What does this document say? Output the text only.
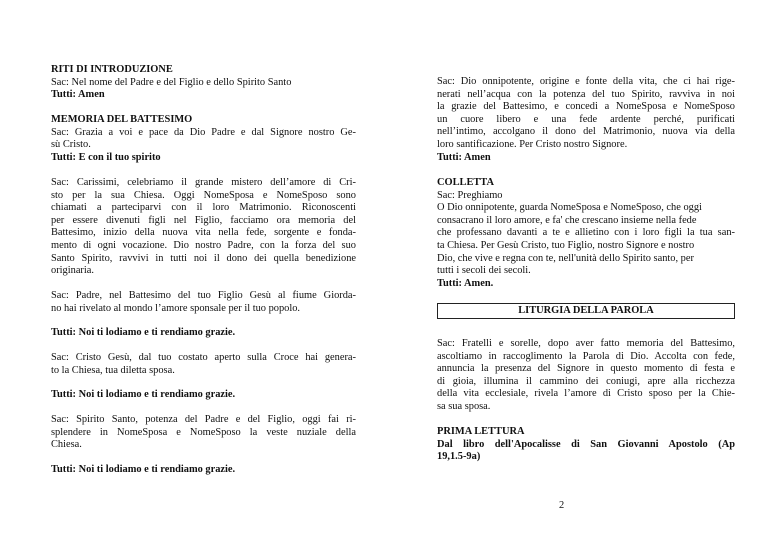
RITI DI INTRODUZIONE
Sac: Nel nome del Padre e del Figlio e dello Spirito Santo
Tutti: Amen
MEMORIA DEL BATTESIMO
Sac: Grazia a voi e pace da Dio Padre e dal Signore nostro Ge-
sù Cristo.
Tutti: E con il tuo spirito
Sac: Carissimi, celebriamo il grande mistero dell’amore di Cri-
sto per la sua Chiesa. Oggi NomeSposa e NomeSposo sono
chiamati a parteciparvi con il loro Matrimonio. Riconoscenti
per essere divenuti figli nel Figlio, facciamo ora memoria del
Battesimo, inizio della nuova vita nella fede, sorgente e fonda-
mento di ogni vocazione. Dio nostro Padre, con la forza del suo
Santo Spirito, ravvivi in tutti noi il dono dei quella benedizione
originaria.
Sac: Padre, nel Battesimo del tuo Figlio Gesù al fiume Giorda-
no hai rivelato al mondo l’amore sponsale per il tuo popolo.
Tutti: Noi ti lodiamo e ti rendiamo grazie.
Sac: Cristo Gesù, dal tuo costato aperto sulla Croce hai genera-
to la Chiesa, tua diletta sposa.
Tutti: Noi ti lodiamo e ti rendiamo grazie.
Sac: Spirito Santo, potenza del Padre e del Figlio, oggi fai ri-
splendere in NomeSposa e NomeSposo la veste nuziale della
Chiesa.
Tutti: Noi ti lodiamo e ti rendiamo grazie.
Sac: Dio onnipotente, origine e fonte della vita, che ci hai rige-
nerati nell’acqua con la potenza del tuo Spirito, ravviva in noi
la grazie del Battesimo, e concedi a NomeSposa e NomeSposo
un cuore libero e una fede ardente perché, purificati
nell’intimo, accolgano il dono del Matrimonio, nuova via della
loro santificazione. Per Cristo nostro Signore.
Tutti: Amen
COLLETTA
Sac: Preghiamo
O Dio onnipotente, guarda NomeSposa e NomeSposo, che oggi
consacrano il loro amore, e fa' che crescano insieme nella fede
che professano davanti a te e allietino con i loro figli la tua san-
ta Chiesa. Per Gesù Cristo, tuo Figlio, nostro Signore e nostro
Dio, che vive e regna con te, nell'unità dello Spirito santo, per
tutti i secoli dei secoli.
Tutti: Amen.
LITURGIA DELLA PAROLA
Sac: Fratelli e sorelle, dopo aver fatto memoria del Battesimo,
ascoltiamo in raccoglimento la Parola di Dio. Accolta con fede,
annuncia la presenza del Signore in questo momento di festa e
di gioia, illumina il cammino dei coniugi, apre alla ricchezza
della vita ecclesiale, rivela l’amore di Cristo sposo per la Chie-
sa sua sposa.
PRIMA LETTURA
Dal libro dell'Apocalisse di San Giovanni Apostolo (Ap
19,1.5-9a)
2
